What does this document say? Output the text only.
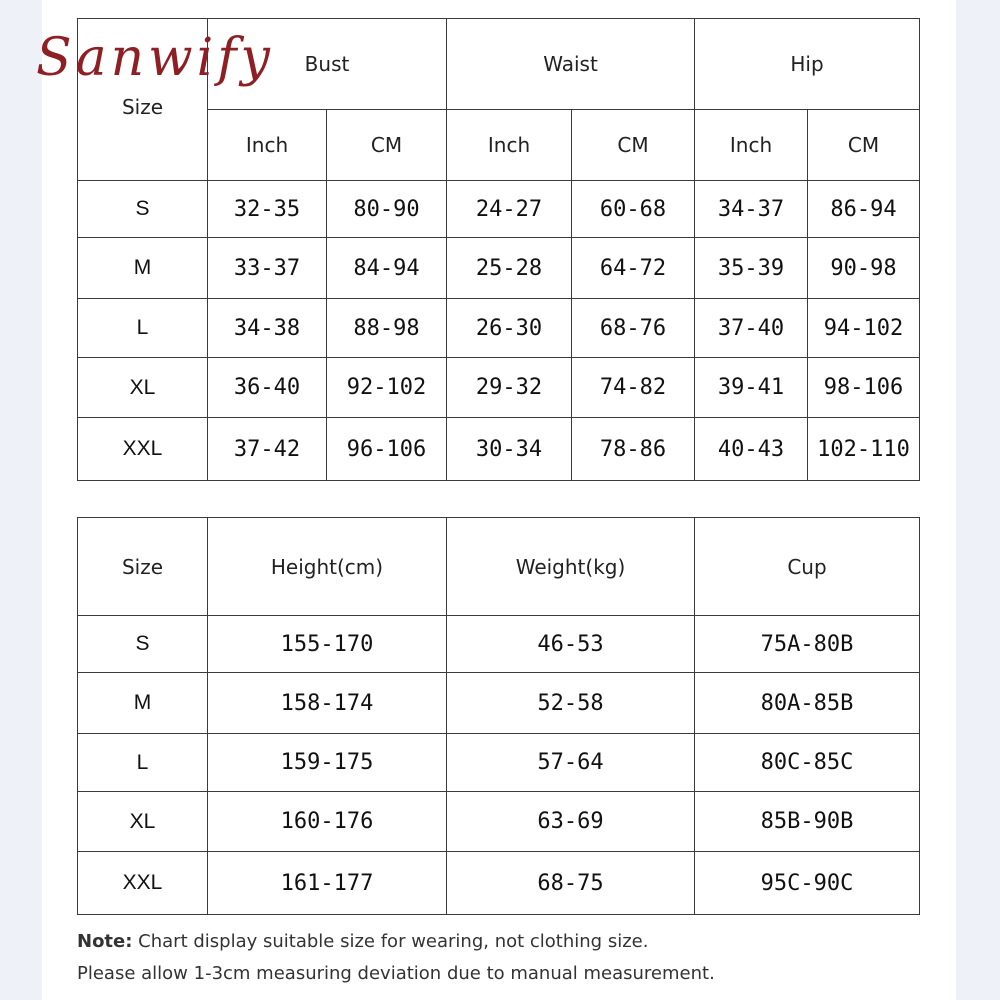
Sanwify
Size	Bust		Waist		Hip	
	Inch	CM	Inch	CM	Inch	CM
S	32-35	80-90	24-27	60-68	34-37	86-94
M	33-37	84-94	25-28	64-72	35-39	90-98
L	34-38	88-98	26-30	68-76	37-40	94-102
XL	36-40	92-102	29-32	74-82	39-41	98-106
XXL	37-42	96-106	30-34	78-86	40-43	102-110
Size	Height(cm)	Weight(kg)	Cup
S	155-170	46-53	75A-80B
M	158-174	52-58	80A-85B
L	159-175	57-64	80C-85C
XL	160-176	63-69	85B-90B
XXL	161-177	68-75	95C-90C
Note: Chart display suitable size for wearing, not clothing size.
Please allow 1-3cm measuring deviation due to manual measurement.
